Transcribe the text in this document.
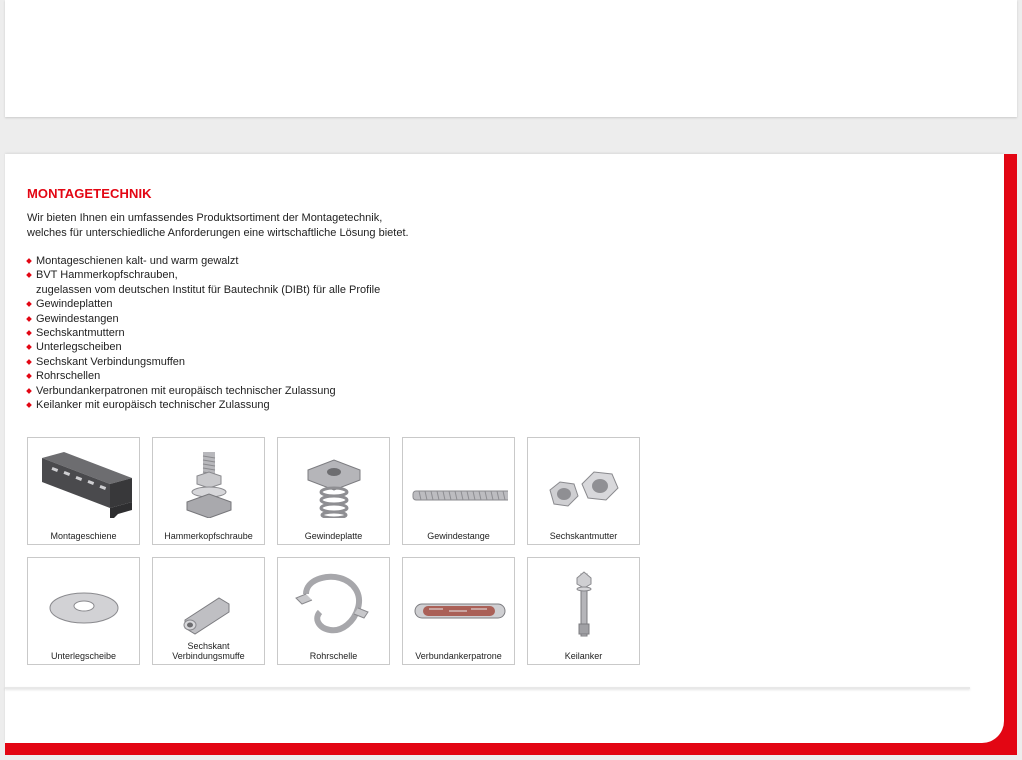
MONTAGETECHNIK

Wir bieten Ihnen ein umfassendes Produktsortiment der Montagetechnik,
welches für unterschiedliche Anforderungen eine wirtschaftliche Lösung bietet.

Montageschienen kalt- und warm gewalzt
BVT Hammerkopfschrauben,
zugelassen vom deutschen Institut für Bautechnik (DIBt) für alle Profile
Gewindeplatten
Gewindestangen
Sechskantmuttern
Unterlegscheiben
Sechskant Verbindungsmuffen
Rohrschellen
Verbundankerpatronen mit europäisch technischer Zulassung
Keilanker mit europäisch technischer Zulassung
Montageschiene	Hammerkopfschraube	Gewindeplatte	Gewindestange	Sechskantmutter
Unterlegscheibe
Sechskant
Verbindungsmuffe	Rohrschelle	Verbundankerpatrone	Keilanker
